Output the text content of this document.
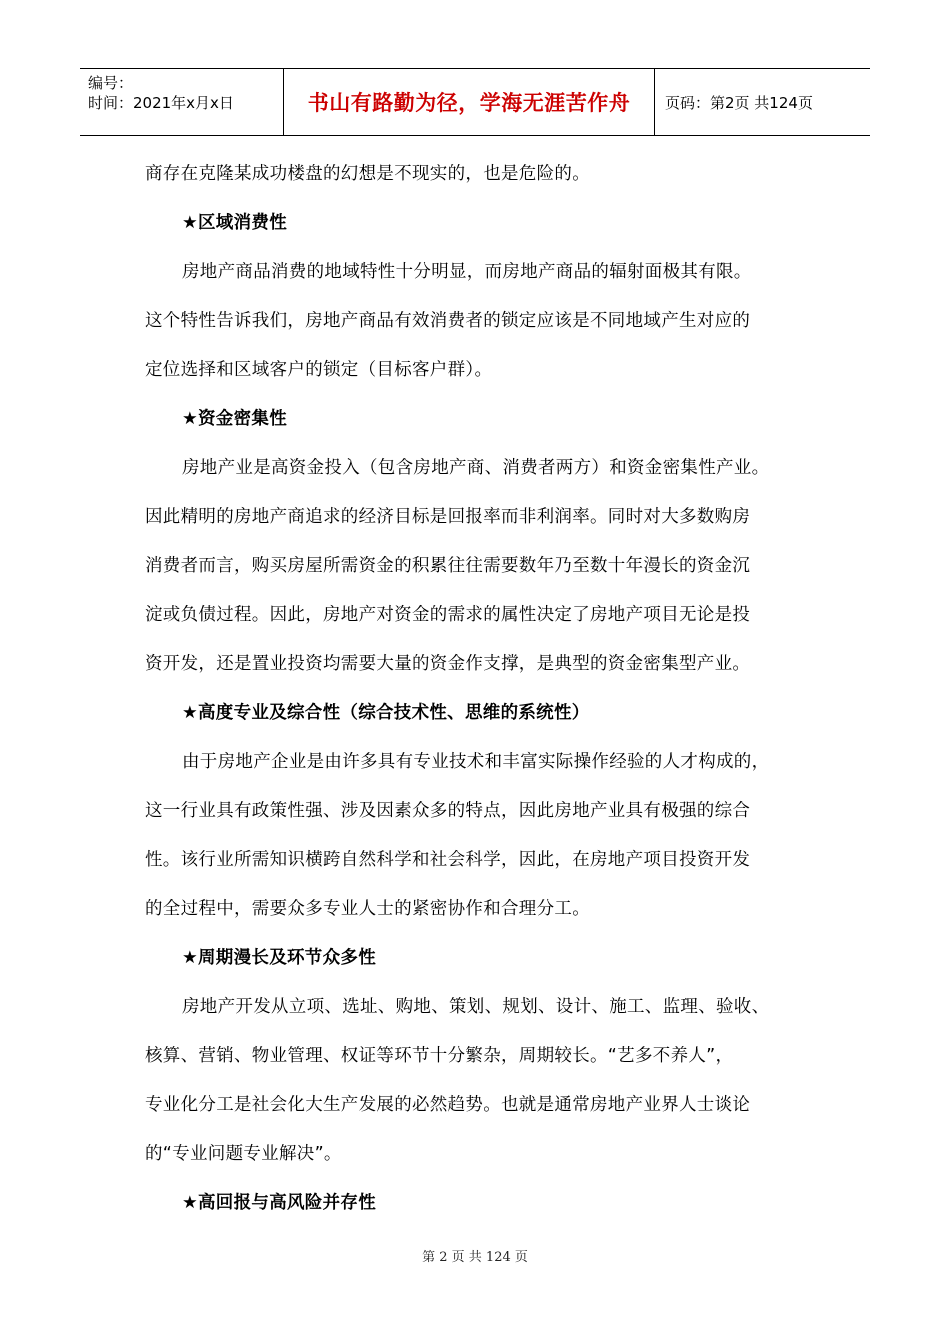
编号：
时间：2021年x月x日	书山有路勤为径，学海无涯苦作舟	页码：第2页 共124页
商存在克隆某成功楼盘的幻想是不现实的，也是危险的。
★区域消费性
房地产商品消费的地域特性十分明显，而房地产商品的辐射面极其有限。
这个特性告诉我们，房地产商品有效消费者的锁定应该是不同地域产生对应的
定位选择和区域客户的锁定（目标客户群）。
★资金密集性
房地产业是高资金投入（包含房地产商、消费者两方）和资金密集性产业。
因此精明的房地产商追求的经济目标是回报率而非利润率。同时对大多数购房
消费者而言，购买房屋所需资金的积累往往需要数年乃至数十年漫长的资金沉
淀或负债过程。因此，房地产对资金的需求的属性决定了房地产项目无论是投
资开发，还是置业投资均需要大量的资金作支撑，是典型的资金密集型产业。
★高度专业及综合性（综合技术性、思维的系统性）
由于房地产企业是由许多具有专业技术和丰富实际操作经验的人才构成的，
这一行业具有政策性强、涉及因素众多的特点，因此房地产业具有极强的综合
性。该行业所需知识横跨自然科学和社会科学，因此，在房地产项目投资开发
的全过程中，需要众多专业人士的紧密协作和合理分工。
★周期漫长及环节众多性
房地产开发从立项、选址、购地、策划、规划、设计、施工、监理、验收、
核算、营销、物业管理、权证等环节十分繁杂，周期较长。“艺多不养人”，
专业化分工是社会化大生产发展的必然趋势。也就是通常房地产业界人士谈论
的“专业问题专业解决”。
★高回报与高风险并存性
第 2 页 共 124 页
